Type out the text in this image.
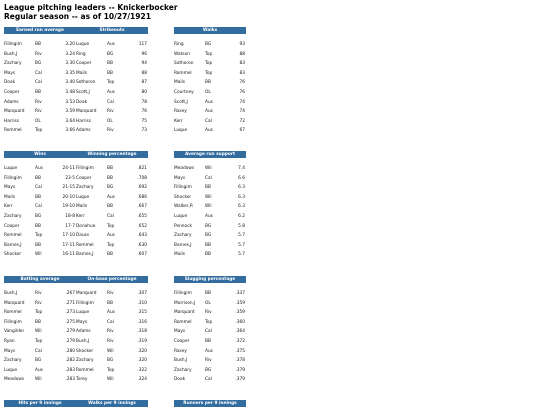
League pitching leaders -- Knickerbocker
Regular season -- as of 10/27/1921
Earned run average
Fillingim	BB	3.20
Bush,J	Riv	3.24
Zachary	BG	3.30
Mays	Cal	3.35
Doak	Cal	3.40
Cooper	BB	3.48
Adams	Riv	3.53
Marquard Riv	3.59
Harriss	OL	3.64
Rommel	Top	3.66
Strikeouts
Luque	Aus	117
Ring	BG	96
Cooper	BB	94
Mails	BB	88
Sothoron	Top	87
Scott,J	Aus	80
Doak	Cal	78
Marquard Riv	76
Harriss	OL	75
Adams	Riv	73
Walks
Ring	BG	93
Watson	Top	88
Sothoron	Top	83
Rommel	Top	83
Mails	BB	76
Courtney	OL	76
Scott,J	Aus	74
Roxey	Aus	74
Kerr	Cal	72
Luque	Aus	67
Wins
Luque	Aus	24-11
Fillingim	BB	23-5
Mays	Cal	21-15
Mails	BB	20-10
Kerr	Cal	19-10
Zachary	BG	18-8
Cooper	BB	17-7
Rommel	Top	17-10
Barnes,J	BB	17-11
Shocker	Wil	16-11
Winning percentage
Fillingim	BB	.821
Cooper	BB	.708
Zachary	BG	.692
Luque	Aus	.686
Mails	BB	.667
Kerr	Cal	.655
Donohue	Top	.652
Dauss	Aus	.643
Rommel	Top	.630
Barnes,J	BB	.607
Average run support
Meadows	Wil	7.4
Mays	Cal	6.6
Fillingim	BB	6.3
Shocker	Wil	6.3
Walker,R	Wil	6.3
Luque	Aus	6.2
Pennock	BG	5.8
Zachary	BG	5.7
Barnes,J	BB	5.7
Mails	BB	5.7
Batting average
Bush,J	Riv	.267
Marquard Riv	.271
Rommel	Top	.273
Fillingim	BB	.275
Vangilder	Wil	.279
Ryan	Top	.279
Mays	Cal	.280
Zachary	BG	.282
Luque	Aus	.283
Meadows	Wil	.283
On-base percentage
Marquard Riv	.307
Fillingim	BB	.310
Luque	Aus	.315
Mays	Cal	.316
Adams	Riv	.318
Bush,J	Riv	.319
Shocker	Wil	.320
Zachary	BG	.320
Rommel	Top	.322
Torey	Wil	.324
Slugging percentage
Fillingim	BB	.337
Morrison,J OL	.359
Marquard Riv	.359
Rommel	Top	.360
Mays	Cal	.364
Cooper	BB	.372
Roxey	Aus	.375
Bush,J	Riv	.378
Zachary	BG	.379
Doak	Cal	.379
Hits per 9 innings	Walks per 9 innings	Runners per 9 innings
